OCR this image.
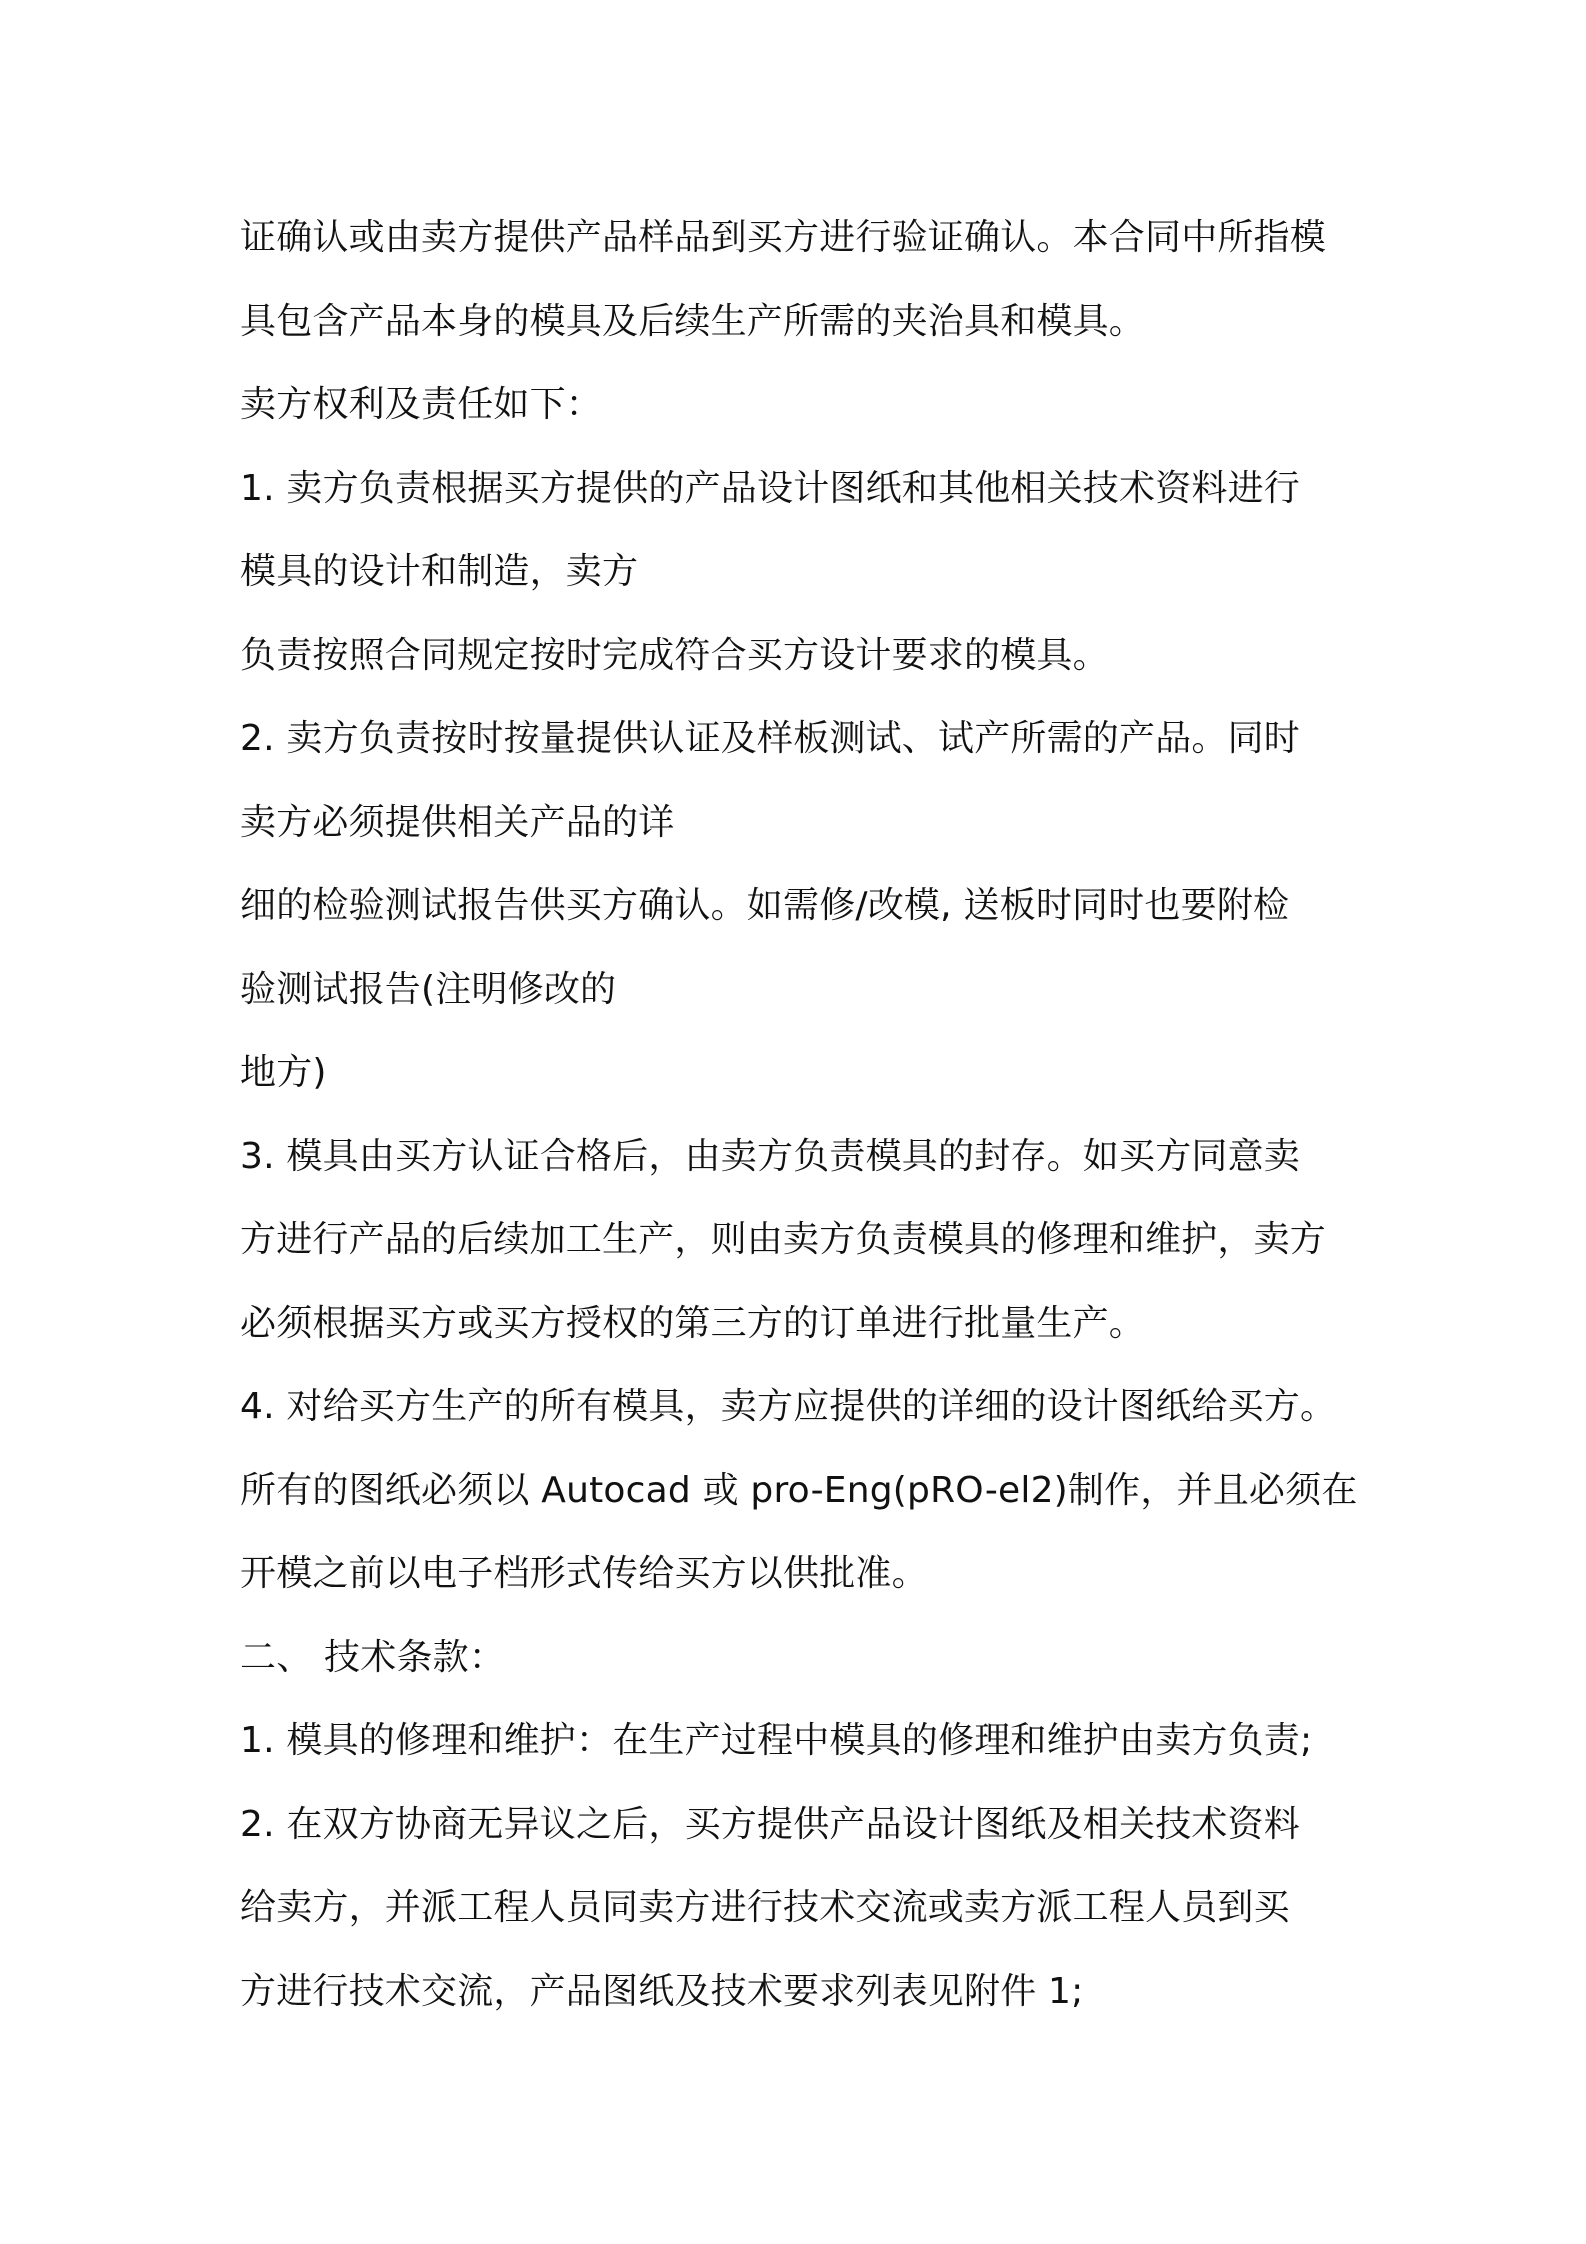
证确认或由卖方提供产品样品到买方进行验证确认。本合同中所指模
具包含产品本身的模具及后续生产所需的夹治具和模具。
卖方权利及责任如下：
1. 卖方负责根据买方提供的产品设计图纸和其他相关技术资料进行
模具的设计和制造，卖方
负责按照合同规定按时完成符合买方设计要求的模具。
2. 卖方负责按时按量提供认证及样板测试、试产所需的产品。同时
卖方必须提供相关产品的详
细的检验测试报告供买方确认。如需修/改模, 送板时同时也要附检
验测试报告(注明修改的
地方)
3. 模具由买方认证合格后，由卖方负责模具的封存。如买方同意卖
方进行产品的后续加工生产，则由卖方负责模具的修理和维护，卖方
必须根据买方或买方授权的第三方的订单进行批量生产。
4. 对给买方生产的所有模具，卖方应提供的详细的设计图纸给买方。
所有的图纸必须以 Autocad 或 pro-Eng(pRO-el2)制作，并且必须在
开模之前以电子档形式传给买方以供批准。
二、 技术条款：
1. 模具的修理和维护：在生产过程中模具的修理和维护由卖方负责;
2. 在双方协商无异议之后，买方提供产品设计图纸及相关技术资料
给卖方，并派工程人员同卖方进行技术交流或卖方派工程人员到买
方进行技术交流，产品图纸及技术要求列表见附件 1;
